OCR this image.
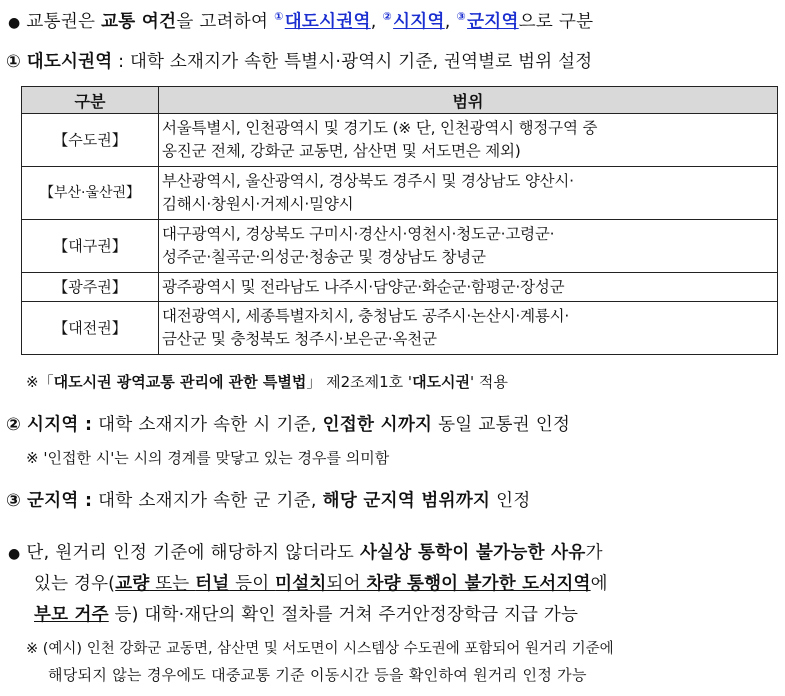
● 교통권은 교통 여건을 고려하여 ①대도시권역, ②시지역, ③군지역으로 구분
① 대도시권역 : 대학 소재지가 속한 특별시·광역시 기준, 권역별로 범위 설정
구분	범위
【수도권】	서울특별시, 인천광역시 및 경기도 (※ 단, 인천광역시 행정구역 중
옹진군 전체, 강화군 교동면, 삼산면 및 서도면은 제외)

【부산·울산권】	부산광역시, 울산광역시, 경상북도 경주시 및 경상남도 양산시·
김해시·창원시·거제시·밀양시

【대구권】	대구광역시, 경상북도 구미시·경산시·영천시·청도군·고령군·
성주군·칠곡군·의성군·청송군 및 경상남도 창녕군

【광주권】	광주광역시 및 전라남도 나주시·담양군·화순군·함평군·장성군

【대전권】	대전광역시, 세종특별자치시, 충청남도 공주시·논산시·계룡시·
금산군 및 충청북도 청주시·보은군·옥천군
※「대도시권 광역교통 관리에 관한 특별법」 제2조제1호 '대도시권' 적용
② 시지역 : 대학 소재지가 속한 시 기준, 인접한 시까지 동일 교통권 인정
※ '인접한 시'는 시의 경계를 맞닿고 있는 경우를 의미함
③ 군지역 : 대학 소재지가 속한 군 기준, 해당 군지역 범위까지 인정
● 단, 원거리 인정 기준에 해당하지 않더라도 사실상 통학이 불가능한 사유가
있는 경우(교량 또는 터널 등이 미설치되어 차량 통행이 불가한 도서지역에
부모 거주 등) 대학·재단의 확인 절차를 거쳐 주거안정장학금 지급 가능
※ (예시) 인천 강화군 교동면, 삼산면 및 서도면이 시스템상 수도권에 포함되어 원거리 기준에
해당되지 않는 경우에도 대중교통 기준 이동시간 등을 확인하여 원거리 인정 가능
